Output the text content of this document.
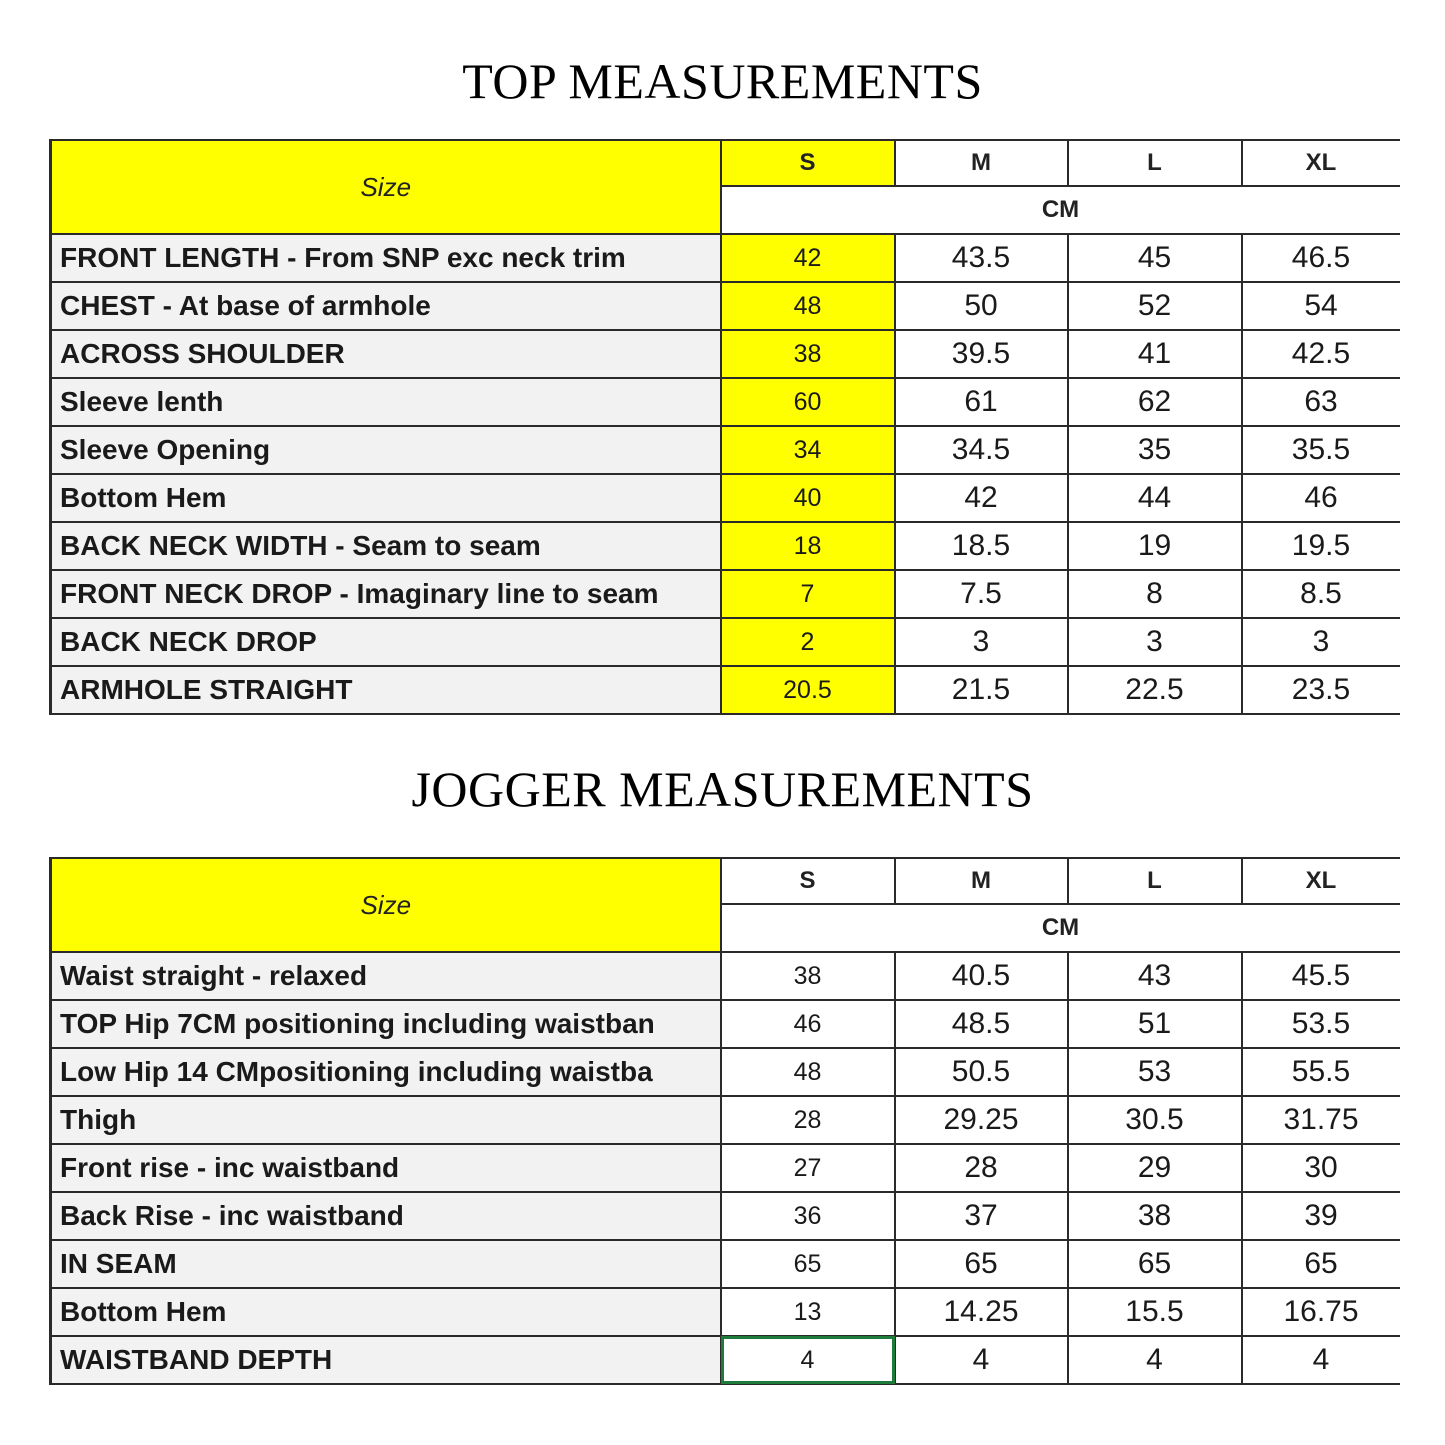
TOP MEASUREMENTS
Size	S	M	L	XL
	CM			
FRONT LENGTH - From SNP exc neck trim	42	43.5	45	46.5
CHEST - At base of armhole	48	50	52	54
ACROSS SHOULDER	38	39.5	41	42.5
Sleeve lenth	60	61	62	63
Sleeve Opening	34	34.5	35	35.5
Bottom Hem	40	42	44	46
BACK NECK WIDTH - Seam to seam	18	18.5	19	19.5
FRONT NECK DROP - Imaginary line to seam	7	7.5	8	8.5
BACK NECK DROP	2	3	3	3
ARMHOLE STRAIGHT	20.5	21.5	22.5	23.5
JOGGER MEASUREMENTS
Size	S	M	L	XL
	CM			
Waist straight - relaxed	38	40.5	43	45.5
TOP Hip 7CM positioning including waistban	46	48.5	51	53.5
Low Hip 14 CMpositioning including waistba	48	50.5	53	55.5
Thigh	28	29.25	30.5	31.75
Front rise - inc waistband	27	28	29	30
Back Rise - inc waistband	36	37	38	39
IN SEAM	65	65	65	65
Bottom Hem	13	14.25	15.5	16.75
WAISTBAND DEPTH	4	4	4	4
